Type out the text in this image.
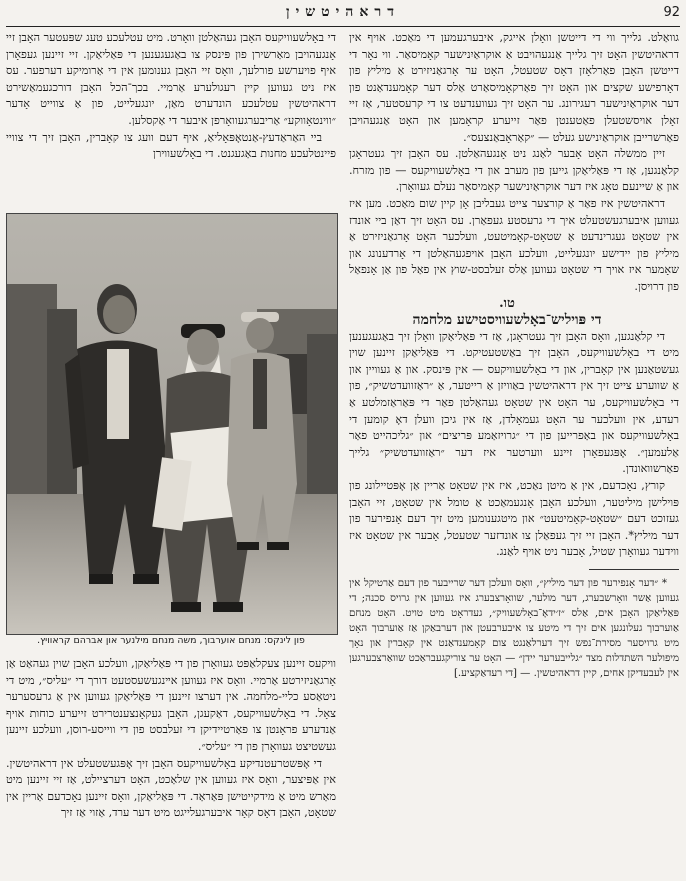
92
דראהיטשין

גוואַלט. גלייך ווי די דייטשן וואָלן אייגק, איבערגעמען די מאַכט. אויף אין דראהיטשין האָט זיך גלייך אַנגעהויבט אַ אוקראַיִנישער קאָמיסאַר. ווי נאָר די דייטשן האָבן פאַרלאָזן דאָס שטעטל, האָט ער אָרגאַניזירט אַ מיליץ פון דאָרפישע שקצים און האָט זיך פאַרקאָמיסאַרט אַלס דער קאָמענדאַנט פון דער אוקראַיִנישער רעגירונג. ער האָט זיך געווענדעט צו די קרעסטער, אַז זיי זאָלן אויסשטעלן פאַטענטן פאַר זייערע קראָמען און האָט אַנגעהויבן פאַרשרייבן אוקראַיִנישע געלט — ״קאַראָבאַנצעס״.

זיין ממשלה האָט אָבער לאַנג ניט אָנגעהאַלטן. עס האָבן זיך געטראָגן קלאַנגען, אַז די פּאַליאַקן גייען פון מערב און די באָלשעוויקעס — פון מזרח. און אַ שיינעם טאָג איז דער אוקראַיִנישער קאָמיסאַר נעלם געוואָרן.

דראהיטשין איז פאַר אַ קורצער צייט געבליבן אָן קיין שום מאַכט. מען איז געווען איבערגעשטעלט איך די גרעסטע געפאַרן. עס האָט זיך דאַן ביי אונדז אין שטאָט געגרינדעט אַ שטאָט-קאָמיטעט, וועלכער האָט אָרגאַניזירט אַ מיליץ פון יידישע יונגעלייט, וועלכע האָבן אויפגעהאַלטן די אָרדענונג און שאָמער איז אויך די שטאָט געווען אַלס זעלבסט-שוץ אין פאַל פון אַן אָנפאַל פון דרויסן.

טו.

די פּויליש־באָלשעוויסטישע מלחמה

די קלאַנגען, וואָס האָבן זיך געטראָגן, אַז די פּאַליאַקן וואָלן זיך באַגעגענען מיט די באָלשעוויקעס, האָבן זיך באַשטעטיקט. די פּאַליאַקן זיינען שוין געשטאַנען אין קאָברין, און די באָלשעוויקעס — אין פּינסק. און אַ געוויין און אַ שווערע צייט זיך אין דראהיטשין באַוויזן אַ רייטער, אַ ״ראַזוועדטשיק״, פון די באָלשעוויקעס, ער האָט אין שטאָט געהאַלטן פאַר די פּאַראַזמלטע אַ רעדע, אין וועלכער ער האָט געמאָלדן, אַז אין גיכן וועלן דאָ קומען די באָלשעוויקעס און באַפרייען פון די ״גרויזאַמע פּריצים״ און ״גליכהייט פאַר אַלעמען״. אָפּגעפאָרן זיינע ווערטער איז דער ״ראַזוועדטשיק״ גלייך פאַרשוואונדן.

קורץ, נאָכדעם, אין אַ מיטן נאַכט, איז אין שטאָט אַריין אַן אָפּטיילונג פון פּוילישן מיליטער, וועלכע האָבן אָנגעמאַכט אַ טומל אין שטאָט, זיי האָבן געזוכט דעם ״שטאָט-קאָמיטעט״ און מיטגענומען מיט זיך דעם אָנפירער פון דער מיליץ*. האָבן זיי זיך געפאַלן צו אונדזער שטעטל, אָבער אין שטאָט איז ווידער געוואָרן שטיל, אָבער ניט אויף לאַנג.

* ״דער אָנפירער פון דער מיליץ״, וואָס וועלכן דער שרייבער פון דעם אַרטיקל אין געווען אַשר וואָרשבערג, דער מולער, שוואָרצבערג איז געווען אין גרויס סכנה; די פּאַליאַקן האָבן אים, אַלס ״ז׳ידאָ־באָלשעוויק״, געדראָט מיט טויט. האָט מנחם אַוערבוך געלונגען אים זיך די מיטע צו איבערבעטן און דערבאַקן אַז אַוערבוך האָט מיט גרויסער מסירת־נפש זיך דערלאַנגט צום קאָמענדאַנט אין קאָברין און נאָך מיפולער השתדלות מצד ״גלייבערער יידן״ — האָט ער צוריקגעבראַכט שוואַרצבערגען אין לעבעדיקן אחים, קיין דראהיטשין. — [די רעדאַקציע.]

די באָלשעוויקעס האָבן געהאַלטן וואָרט. מיט עטלעכע טעג שפּעטער האָבן זיי אָנגעהויבן מאַרשירן פון פּינסק צו באַגעגענען די פּאַליאַקן. זיי זיינען געפאָרן איף פויערשע פורלעך, וואָס זיי האָבן גענומען אין די אַרומיקע דערפער. עס איז ניט געווען קיין רעגולערע אַרמיי. בכך־הכל האָבן דורכגעמאַשירט דראהיטשין עטלעכע הונדערט מאַן, יונגעלייט, פון אַ צווייט אָדער ״ווינטאָווקע״ אַריבערגעוואָרפן איבער די אַקסלען.

ביי האַראַדעץ-אַנטאָפּאָליאַ, איף דעם וועג צו קאָברין, האָבן זיך די צוויי פיינטלעכע מחנות באַגעגנט. די באָלשעווירן

פון לינקס: מנחם אוערבוך, משה מנחם מילנער און אברהם קראוויץ.

וויקעס זיינען צעקלאַפּט געוואָרן פון די פּאַליאַקן, וועלכע האָבן שוין געהאַט אַן אָרגאַניזירטע אַרמיי. וואָס איז געווען אײנגעשעסטעט דורך די ״עליס״, מיט די ניטאַסע כליי-מלחמה. אין דערצו זיינען די פּאַליאַקן געווען אין אַ גרעסערער צאָל. די באָלשעוויקעס, דאַקעגן, האָבן געקאָנצענטרירט זייערע כוחות אויף אַנדערע פראָנטן צו פאַרטיידיקן די זעלבסט פון די ווייסע-רוסן, וועלכע זיינען געשטיצט געוואָרן פון די ״עליס״.

די אָפּשטרעטנדיקע באָלשעוויקעס האָבן זיך אָפּגעשטעלט אין דראהיטשין. אין אַפּיצער, וואָס איז געווען אין שלאַכט, האָט דערציילט, אַז זיי זיינען מיט מאַרש מיט אַ מידקייטישן פּאַראַד. די פּאַליאַקן, וואָס זיינען נאָכדעם אַריין אין שטאָט, האָבן דאָס קאָר איבערגעלייגט מיט דער ערד, אַזוי אַז זיך
